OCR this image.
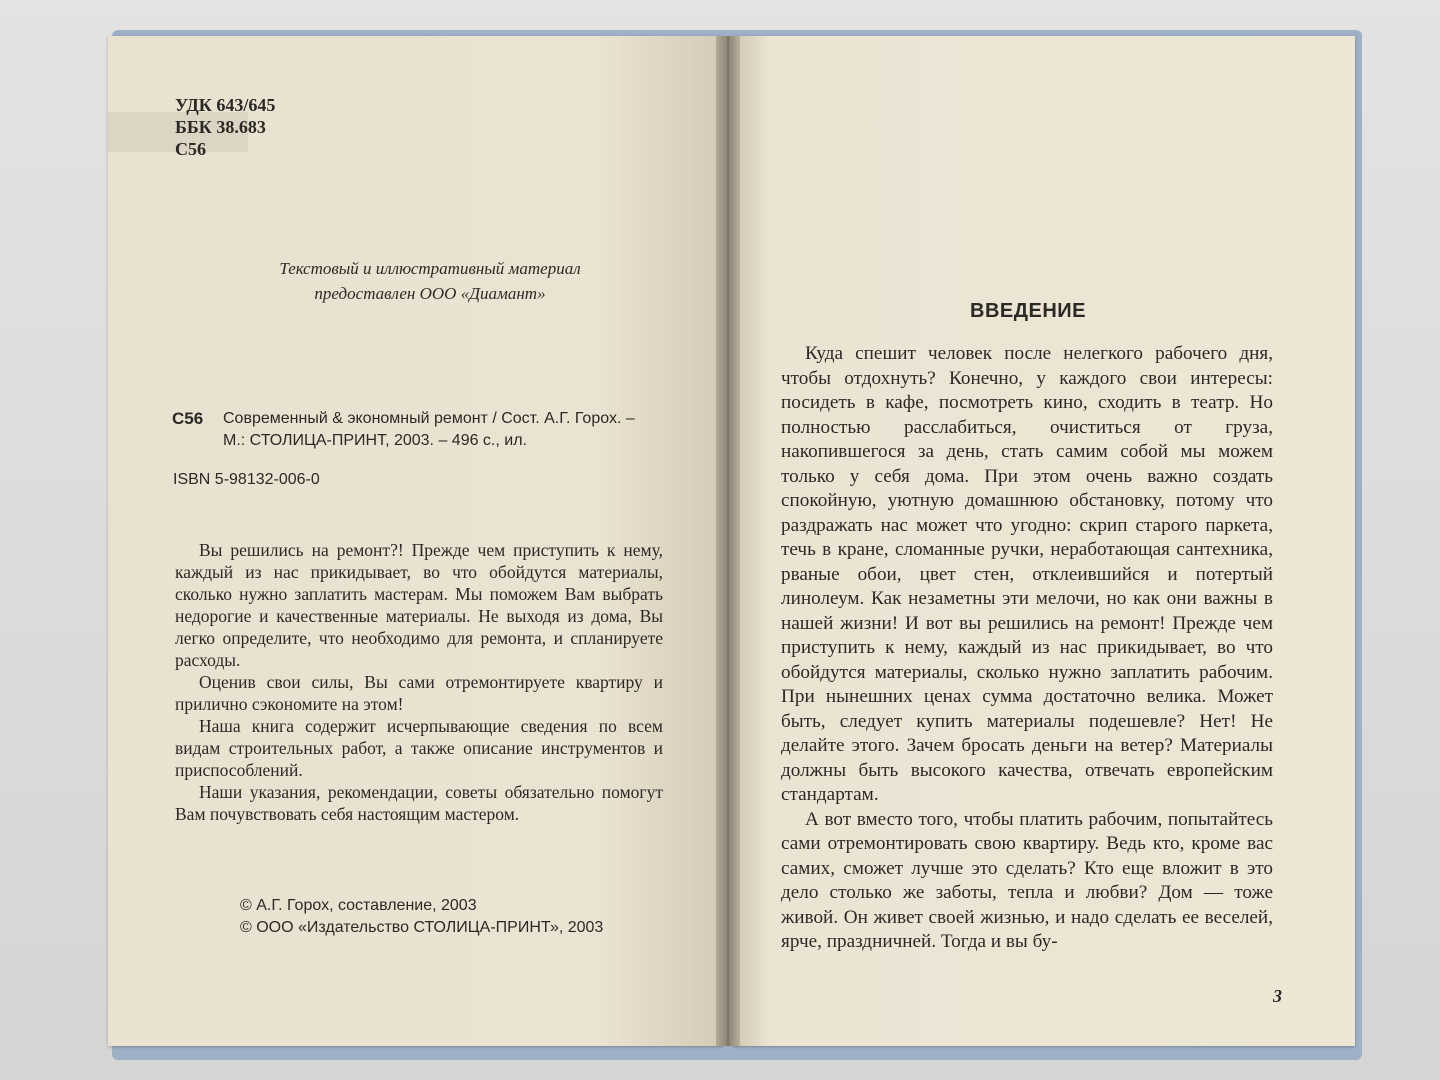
УДК 643/645
ББК 38.683
С56
Текстовый и иллюстративный материал
предоставлен ООО «Диамант»
С56 Современный & экономный ремонт / Сост. А.Г. Горох. –
М.: СТОЛИЦА-ПРИНТ, 2003. – 496 с., ил.
ISBN 5-98132-006-0

Вы решились на ремонт?! Прежде чем приступить к нему, каждый из нас прикидывает, во что обойдутся материалы, сколько нужно заплатить мастерам. Мы поможем Вам выбрать недорогие и качественные материалы. Не выходя из дома, Вы легко определите, что необходимо для ремонта, и спланируете расходы.

Оценив свои силы, Вы сами отремонтируете квартиру и прилично сэкономите на этом!

Наша книга содержит исчерпывающие сведения по всем видам строительных работ, а также описание инструментов и приспособлений.

Наши указания, рекомендации, советы обязательно помогут Вам почувствовать себя настоящим мастером.

© А.Г. Горох, составление, 2003
© ООО «Издательство СТОЛИЦА-ПРИНТ», 2003
ВВЕДЕНИЕ

Куда спешит человек после нелегкого рабочего дня, чтобы отдохнуть? Конечно, у каждого свои интересы: посидеть в кафе, посмотреть кино, сходить в театр. Но полностью расслабиться, очиститься от груза, накопившегося за день, стать самим собой мы можем только у себя дома. При этом очень важно создать спокойную, уютную домашнюю обстановку, потому что раздражать нас может что угодно: скрип старого паркета, течь в кране, сломанные ручки, неработающая сантехника, рваные обои, цвет стен, отклеившийся и потертый линолеум. Как незаметны эти мелочи, но как они важны в нашей жизни! И вот вы решились на ремонт! Прежде чем приступить к нему, каждый из нас прикидывает, во что обойдутся материалы, сколько нужно заплатить рабочим. При нынешних ценах сумма достаточно велика. Может быть, следует купить материалы подешевле? Нет! Не делайте этого. Зачем бросать деньги на ветер? Материалы должны быть высокого качества, отвечать европейским стандартам.

А вот вместо того, чтобы платить рабочим, попытайтесь сами отремонтировать свою квартиру. Ведь кто, кроме вас самих, сможет лучше это сделать? Кто еще вложит в это дело столько же заботы, тепла и любви? Дом — тоже живой. Он живет своей жизнью, и надо сделать ее веселей, ярче, праздничней. Тогда и вы бу-

3
